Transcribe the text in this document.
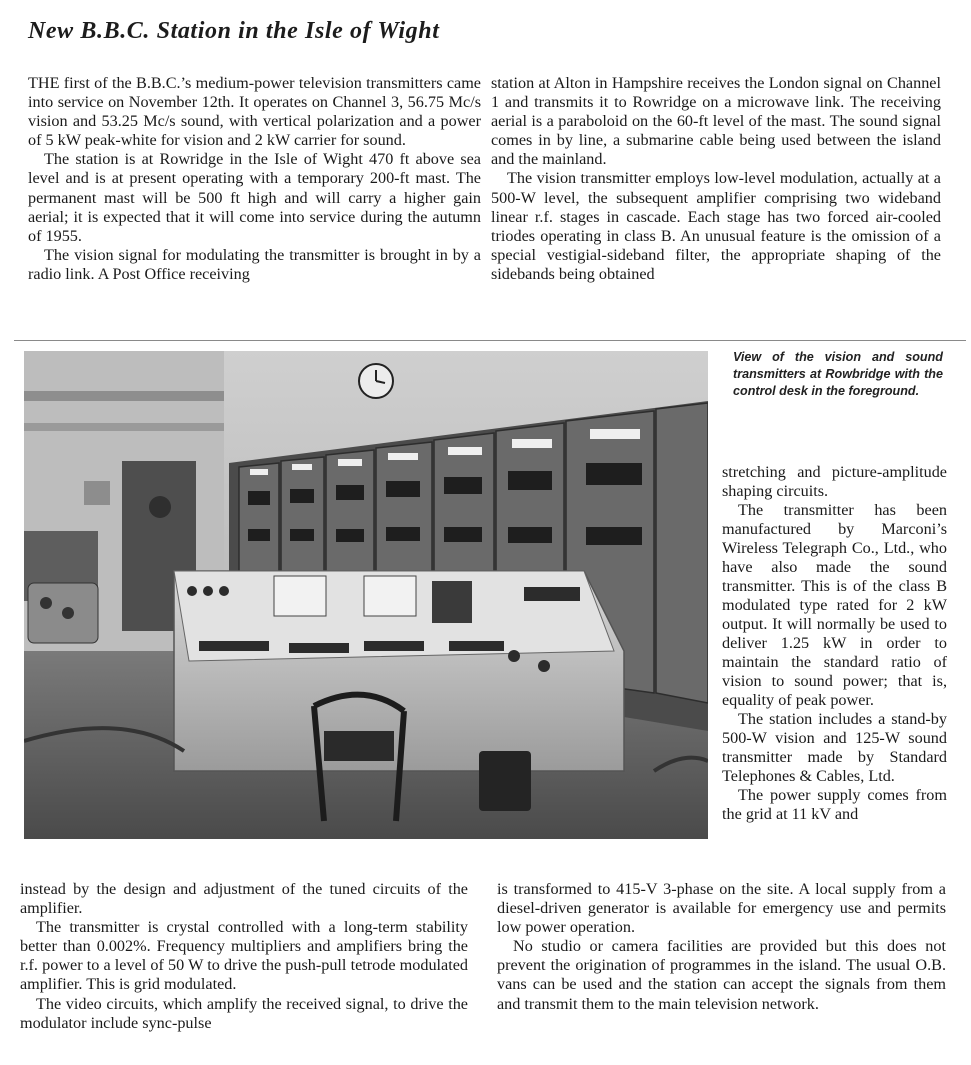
New B.B.C. Station in the Isle of Wight

THE first of the B.B.C.’s medium-power television transmitters came into service on November 12th. It operates on Channel 3, 56.75 Mc/s vision and 53.25 Mc/s sound, with vertical polarization and a power of 5 kW peak-white for vision and 2 kW carrier for sound.

The station is at Rowridge in the Isle of Wight 470 ft above sea level and is at present operating with a temporary 200-ft mast. The permanent mast will be 500 ft high and will carry a higher gain aerial; it is expected that it will come into service during the autumn of 1955.

The vision signal for modulating the transmitter is brought in by a radio link. A Post Office receiving

station at Alton in Hampshire receives the London signal on Channel 1 and transmits it to Rowridge on a microwave link. The receiving aerial is a paraboloid on the 60-ft level of the mast. The sound signal comes in by line, a submarine cable being used between the island and the mainland.

The vision transmitter employs low-level modulation, actually at a 500-W level, the subsequent amplifier comprising two wideband linear r.f. stages in cascade. Each stage has two forced air-cooled triodes operating in class B. An unusual feature is the omission of a special vestigial-sideband filter, the appropriate shaping of the sidebands being obtained

View of the vision and sound transmitters at Rowbridge with the control desk in the foreground.

stretching and picture-amplitude shaping circuits.

The transmitter has been manufactured by Marconi’s Wireless Telegraph Co., Ltd., who have also made the sound transmitter. This is of the class B modulated type rated for 2 kW output. It will normally be used to deliver 1.25 kW in order to maintain the standard ratio of vision to sound power; that is, equality of peak power.

The station includes a stand-by 500-W vision and 125-W sound transmitter made by Standard Telephones & Cables, Ltd.

The power supply comes from the grid at 11 kV and

instead by the design and adjustment of the tuned circuits of the amplifier.

The transmitter is crystal controlled with a long-term stability better than 0.002%. Frequency multipliers and amplifiers bring the r.f. power to a level of 50 W to drive the push-pull tetrode modulated amplifier. This is grid modulated.

The video circuits, which amplify the received signal, to drive the modulator include sync-pulse

is transformed to 415-V 3-phase on the site. A local supply from a diesel-driven generator is available for emergency use and permits low power operation.

No studio or camera facilities are provided but this does not prevent the origination of programmes in the island. The usual O.B. vans can be used and the station can accept the signals from them and transmit them to the main television network.
